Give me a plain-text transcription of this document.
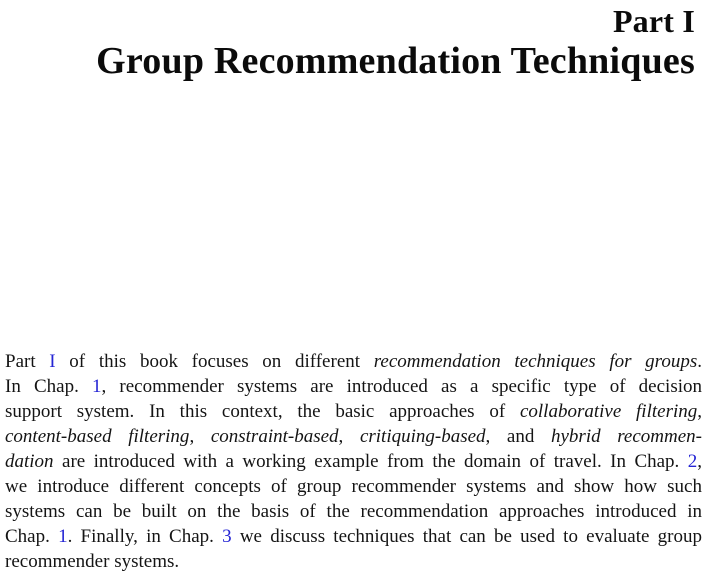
Part I
Group Recommendation Techniques
Part I of this book focuses on different recommendation techniques for groups.
In Chap. 1, recommender systems are introduced as a specific type of decision
support system. In this context, the basic approaches of collaborative filtering,
content-based filtering, constraint-based, critiquing-based, and hybrid recommen-
dation are introduced with a working example from the domain of travel. In Chap. 2,
we introduce different concepts of group recommender systems and show how such
systems can be built on the basis of the recommendation approaches introduced in
Chap. 1. Finally, in Chap. 3 we discuss techniques that can be used to evaluate group
recommender systems.
